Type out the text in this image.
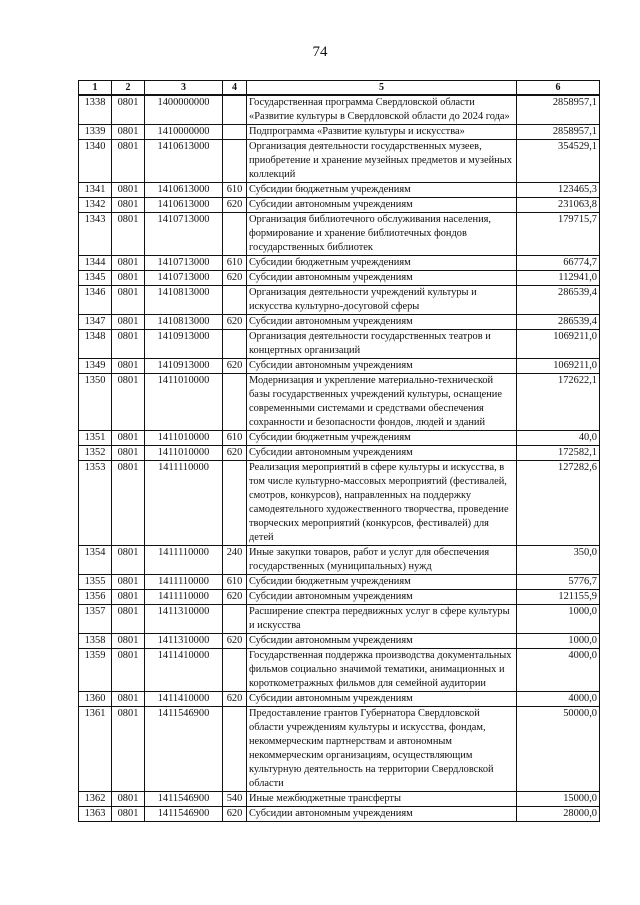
74
1	2	3	4	5	6
1338	0801	1400000000		Государственная программа Свердловской области «Развитие культуры в Свердловской области до 2024 года»	2858957,1
1339	0801	1410000000		Подпрограмма «Развитие культуры и искусства»	2858957,1
1340	0801	1410613000		Организация деятельности государственных музеев, приобретение и хранение музейных предметов и музейных коллекций	354529,1
1341	0801	1410613000	610	Субсидии бюджетным учреждениям	123465,3
1342	0801	1410613000	620	Субсидии автономным учреждениям	231063,8
1343	0801	1410713000		Организация библиотечного обслуживания населения, формирование и хранение библиотечных фондов государственных библиотек	179715,7
1344	0801	1410713000	610	Субсидии бюджетным учреждениям	66774,7
1345	0801	1410713000	620	Субсидии автономным учреждениям	112941,0
1346	0801	1410813000		Организация деятельности учреждений культуры и искусства культурно-досуговой сферы	286539,4
1347	0801	1410813000	620	Субсидии автономным учреждениям	286539,4
1348	0801	1410913000		Организация деятельности государственных театров и концертных организаций	1069211,0
1349	0801	1410913000	620	Субсидии автономным учреждениям	1069211,0
1350	0801	1411010000		Модернизация и укрепление материально-технической базы государственных учреждений культуры, оснащение современными системами и средствами обеспечения сохранности и безопасности фондов, людей и зданий	172622,1
1351	0801	1411010000	610	Субсидии бюджетным учреждениям	40,0
1352	0801	1411010000	620	Субсидии автономным учреждениям	172582,1
1353	0801	1411110000		Реализация мероприятий в сфере культуры и искусства, в том числе культурно-массовых мероприятий (фестивалей, смотров, конкурсов), направленных на поддержку самодеятельного художественного творчества, проведение творческих мероприятий (конкурсов, фестивалей) для детей	127282,6
1354	0801	1411110000	240	Иные закупки товаров, работ и услуг для обеспечения государственных (муниципальных) нужд	350,0
1355	0801	1411110000	610	Субсидии бюджетным учреждениям	5776,7
1356	0801	1411110000	620	Субсидии автономным учреждениям	121155,9
1357	0801	1411310000		Расширение спектра передвижных услуг в сфере культуры и искусства	1000,0
1358	0801	1411310000	620	Субсидии автономным учреждениям	1000,0
1359	0801	1411410000		Государственная поддержка производства документальных фильмов социально значимой тематики, анимационных и короткометражных фильмов для семейной аудитории	4000,0
1360	0801	1411410000	620	Субсидии автономным учреждениям	4000,0
1361	0801	1411546900		Предоставление грантов Губернатора Свердловской области учреждениям культуры и искусства, фондам, некоммерческим партнерствам и автономным некоммерческим организациям, осуществляющим культурную деятельность на территории Свердловской области	50000,0
1362	0801	1411546900	540	Иные межбюджетные трансферты	15000,0
1363	0801	1411546900	620	Субсидии автономным учреждениям	28000,0
